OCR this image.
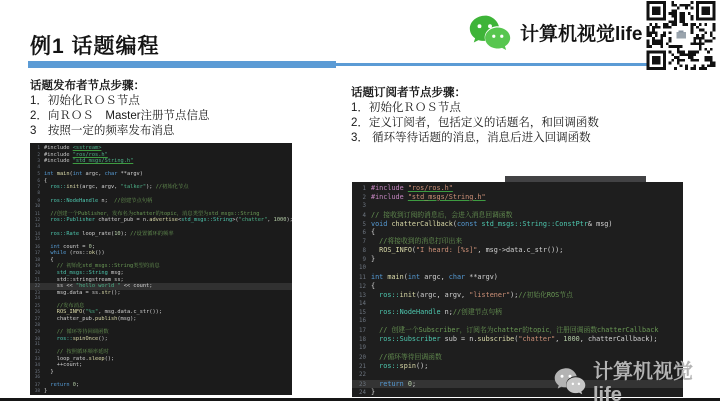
例1 话题编程
计算机视觉life
话题发布者节点步骤：
1．初始化ＲＯＳ节点
2．向ＲＯＳ　Master注册节点信息
3　按照一定的频率发布消息
话题订阅者节点步骤：
1．初始化ＲＯＳ节点
2．定义订阅者，包括定义的话题名，和回调函数
3． 循环等待话题的消息，消息后进入回调函数
1 #include <sstream>
2 #include "ros/ros.h"
3 #include "std_msgs/String.h"
4
5 int main(int argc, char **argv)
6 {
7 ros::init(argc, argv, "talker"); //初始化节点
8
9 ros::NodeHandle n;  //创建节点句柄
10
11 //创建一个Publisher，发布名为chatter的topic，消息类型为std_msgs::String
12 ros::Publisher chatter_pub = n.advertise<std_msgs::String>("chatter", 1000);
13
14 ros::Rate loop_rate(10); //设置循环的频率
15
16	int count = 0;
17	while (ros::ok())
18 {
19 // 初始化std_msgs::String类型的消息
20 std_msgs::String msg;
21 std::stringstream ss;
22 ss << "hello world " << count;
23 msg.data = ss.str();
24
25 //发布消息
26 ROS_INFO("%s", msg.data.c_str());
27 chatter_pub.publish(msg);
28
29 // 循环等待回调函数
30 ros::spinOnce();
31
32 // 按照循环频率延时
33 loop_rate.sleep();
34 ++count;
35 }
36
37	return 0;
38 }
1 #include "ros/ros.h"
2 #include "std_msgs/String.h"
3
4 // 接收到订阅的消息后，会进入消息回调函数
5 void chatterCallback(const std_msgs::String::ConstPtr& msg)
6 {
7 //将接收到的消息打印出来
8 ROS_INFO("I heard: [%s]", msg->data.c_str());
9 }
10
11 int main(int argc, char **argv)
12 {
13 ros::init(argc, argv, "listener");//初始化ROS节点
14
15 ros::NodeHandle n;//创建节点句柄
16
17 // 创建一个Subscriber，订阅名为chatter的topic，注册回调函数chatterCallback
18 ros::Subscriber sub = n.subscribe("chatter", 1000, chatterCallback);
19
20 //循环等待回调函数
21 ros::spin();
22
23	return 0;
24 }
计算机视觉life
